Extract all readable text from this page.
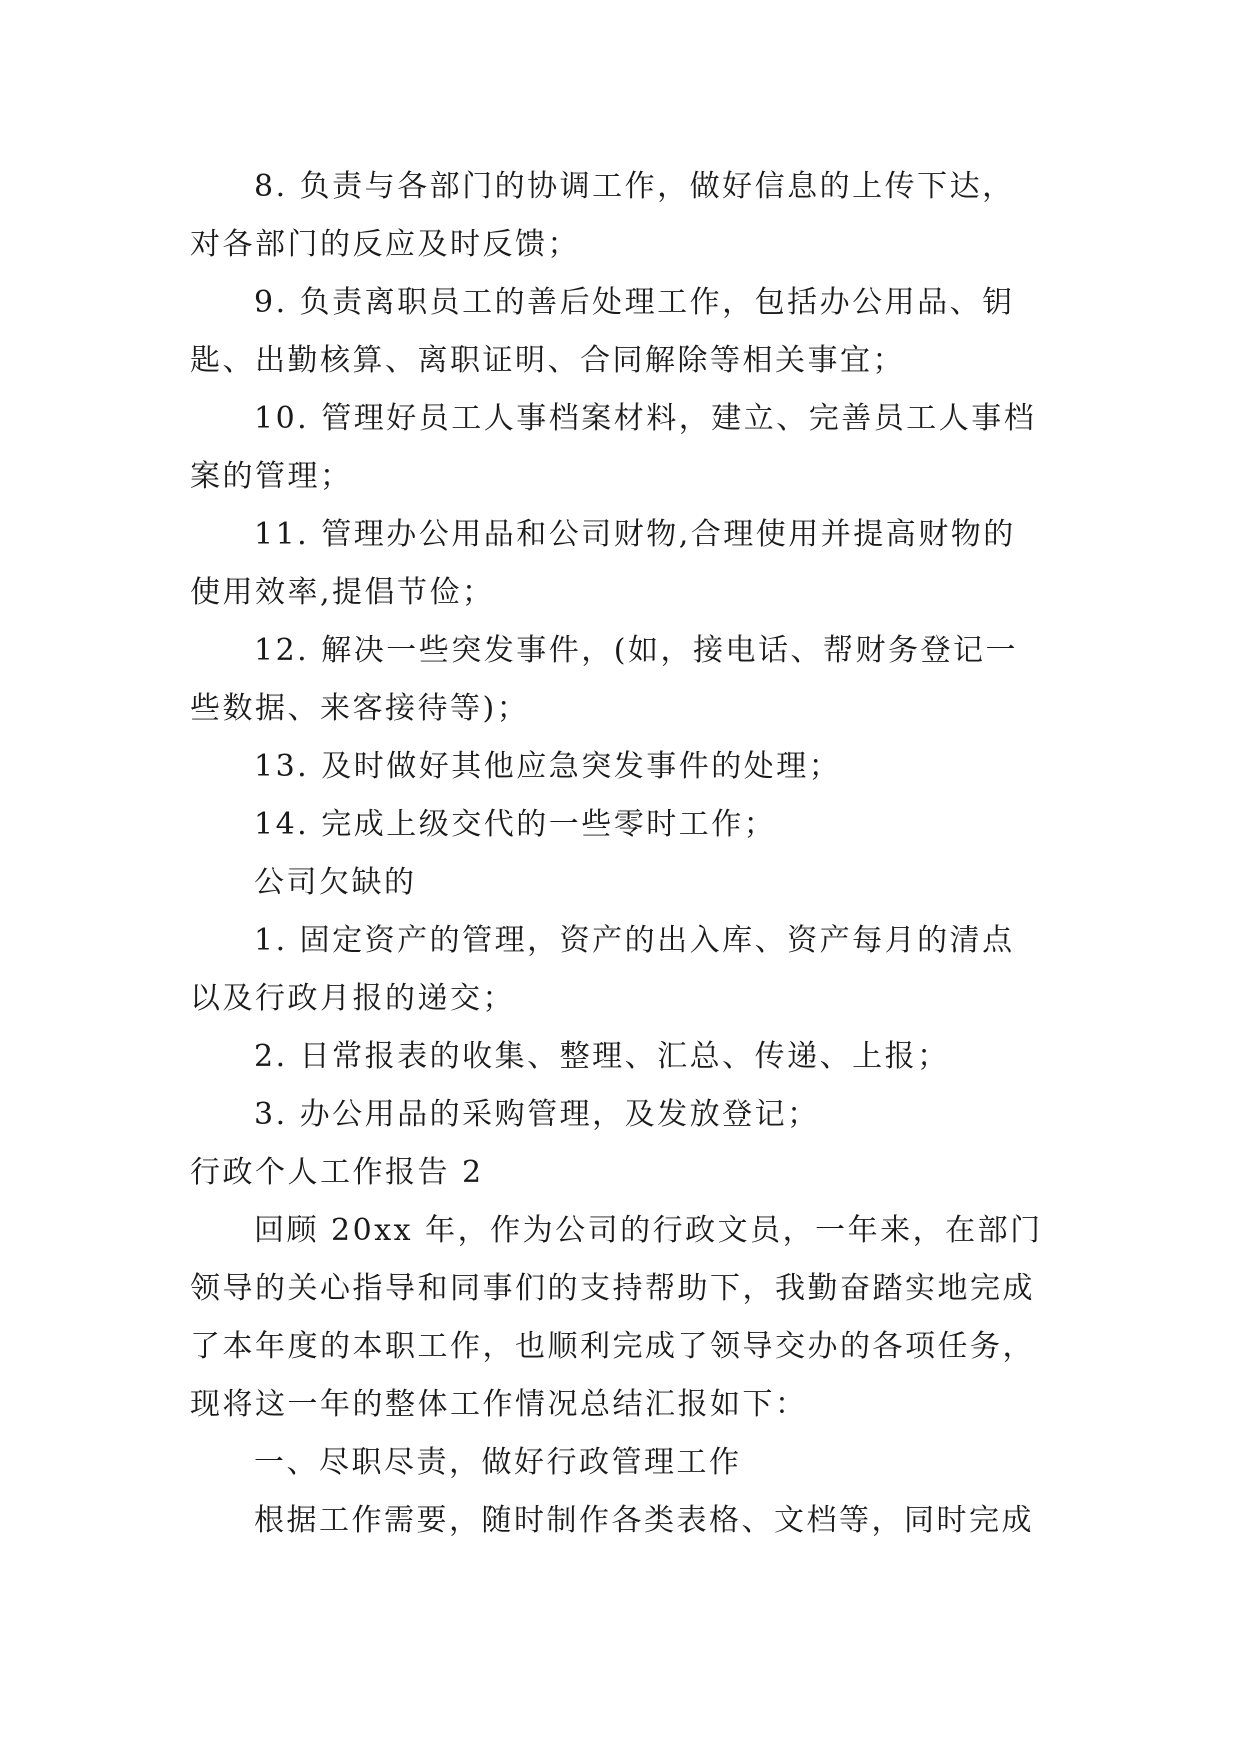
8. 负责与各部门的协调工作，做好信息的上传下达，
对各部门的反应及时反馈；
9. 负责离职员工的善后处理工作，包括办公用品、钥
匙、出勤核算、离职证明、合同解除等相关事宜；
10. 管理好员工人事档案材料，建立、完善员工人事档
案的管理；
11. 管理办公用品和公司财物,合理使用并提高财物的
使用效率,提倡节俭；
12. 解决一些突发事件，(如，接电话、帮财务登记一
些数据、来客接待等)；
13. 及时做好其他应急突发事件的处理；
14. 完成上级交代的一些零时工作；
公司欠缺的
1. 固定资产的管理，资产的出入库、资产每月的清点
以及行政月报的递交；
2. 日常报表的收集、整理、汇总、传递、上报；
3. 办公用品的采购管理，及发放登记；
行政个人工作报告 2
回顾 20xx 年，作为公司的行政文员，一年来，在部门
领导的关心指导和同事们的支持帮助下，我勤奋踏实地完成
了本年度的本职工作，也顺利完成了领导交办的各项任务，
现将这一年的整体工作情况总结汇报如下：
一、尽职尽责，做好行政管理工作
根据工作需要，随时制作各类表格、文档等，同时完成
